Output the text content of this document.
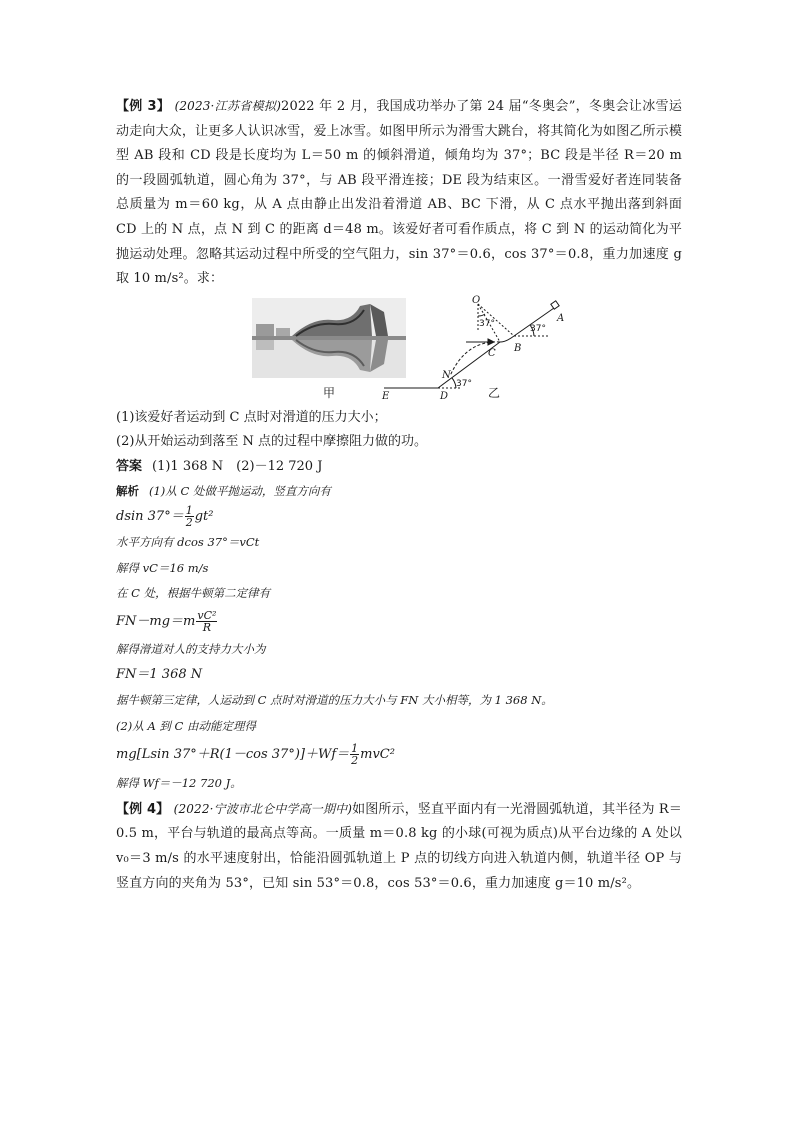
【例 3】 (2023·江苏省模拟)2022 年 2 月，我国成功举办了第 24 届“冬奥会”，冬奥会让冰雪运动走向大众，让更多人认识冰雪，爱上冰雪。如图甲所示为滑雪大跳台，将其简化为如图乙所示模型 AB 段和 CD 段是长度均为 L＝50 m 的倾斜滑道，倾角均为 37°；BC 段是半径 R＝20 m 的一段圆弧轨道，圆心角为 37°，与 AB 段平滑连接；DE 段为结束区。一滑雪爱好者连同装备总质量为 m＝60 kg，从 A 点由静止出发沿着滑道 AB、BC 下滑，从 C 点水平抛出落到斜面 CD 上的 N 点，点 N 到 C 的距离 d＝48 m。该爱好者可看作质点，将 C 到 N 的运动简化为平抛运动处理。忽略其运动过程中所受的空气阻力，sin 37°＝0.6，cos 37°＝0.8，重力加速度 g 取 10 m/s²。求：

甲
O
A
B
C
D
E
N
37°	37°
37°
乙

(1)该爱好者运动到 C 点时对滑道的压力大小；

(2)从开始运动到落至 N 点的过程中摩擦阻力做的功。

答案 (1)1 368 N　(2)－12 720 J

解析 (1)从 C 处做平抛运动，竖直方向有

dsin $37^\circ= \frac{1}{2} gt^2$

水平方向有 dcos 37°＝vCt

解得 vC＝16 m/s

在 C 处，根据牛顿第二定律有

$FN-mg=m \frac{\text{vC²}}{R}$

解得滑道对人的支持力大小为

FN＝1 368 N

据牛顿第三定律，人运动到 C 点时对滑道的压力大小与 FN 大小相等，为 1 368 N。

(2)从 A 到 C 由动能定理得

mg[Lsin 37°＋R(1－cos $37^\circ)]+Wf= \frac{1}{2} mvC^2$

解得 Wf＝－12 720 J。

【例 4】 (2022·宁波市北仑中学高一期中)如图所示，竖直平面内有一光滑圆弧轨道，其半径为 R＝0.5 m，平台与轨道的最高点等高。一质量 m＝0.8 kg 的小球(可视为质点)从平台边缘的 A 处以 v₀＝3 m/s 的水平速度射出，恰能沿圆弧轨道上 P 点的切线方向进入轨道内侧，轨道半径 OP 与竖直方向的夹角为 53°，已知 sin 53°＝0.8，cos 53°＝0.6，重力加速度 g＝10 m/s²。
